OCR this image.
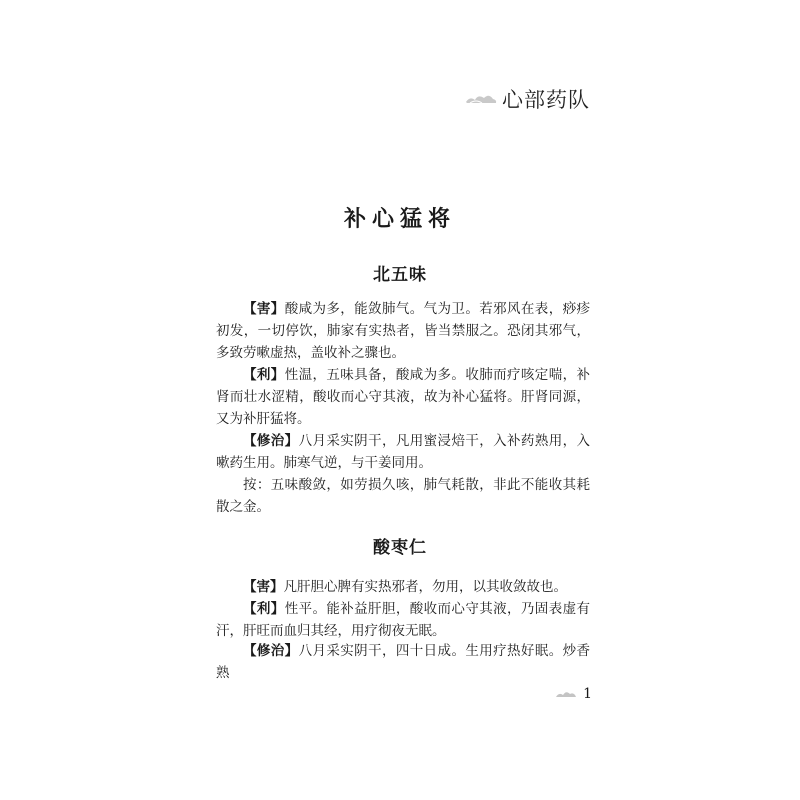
心部药队
补心猛将
北五味

【害】酸咸为多，能敛肺气。气为卫。若邪风在表，痧疹初发，一切停饮，肺家有实热者，皆当禁服之。恐闭其邪气，多致劳嗽虚热，盖收补之骤也。

【利】性温，五味具备，酸咸为多。收肺而疗咳定喘，补肾而壮水涩精，酸收而心守其液，故为补心猛将。肝肾同源，又为补肝猛将。

【修治】八月采实阴干，凡用蜜浸焙干，入补药熟用，入嗽药生用。肺寒气逆，与干姜同用。

按：五味酸敛，如劳损久咳，肺气耗散，非此不能收其耗散之金。

酸枣仁

【害】凡肝胆心脾有实热邪者，勿用，以其收敛故也。

【利】性平。能补益肝胆，酸收而心守其液，乃固表虚有汗，肝旺而血归其经，用疗彻夜无眠。

【修治】八月采实阴干，四十日成。生用疗热好眠。炒香熟

1
